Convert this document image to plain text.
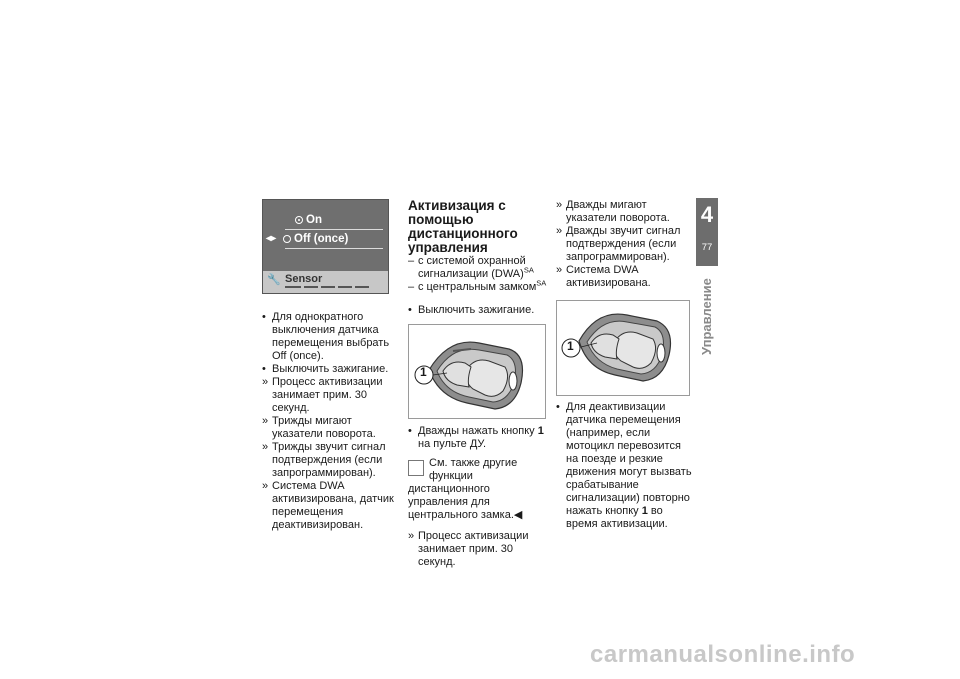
On
◂▸	Off (once)
🔧 Sensor
• Для однократного выключения датчика перемещения выбрать Off (once).
• Выключить зажигание.
» Процесс активизации занимает прим. 30 секунд.
» Трижды мигают указатели поворота.
» Трижды звучит сигнал подтверждения (если запрограммирован).
» Система DWA активизирована, датчик перемещения деактивизирован.

Активизация с помощью дистанционного управления

– с системой охранной сигнализации (DWA)$^{SA}$
– с центральным замком$^{SA}$
• Выключить зажигание.
1
• Дважды нажать кнопку 1 на пульте ДУ.
См. также другие функции дистанционного управления для центрального замка.◀
» Процесс активизации занимает прим. 30 секунд.
» Дважды мигают указатели поворота.
» Дважды звучит сигнал подтверждения (если запрограммирован).
» Система DWA активизирована.
1
• Для деактивизации датчика перемещения (например, если мотоцикл перевозится на поезде и резкие движения могут вызвать срабатывание сигнализации) повторно нажать кнопку 1 во время активизации.
4
77
Управление
carmanualsonline.info
